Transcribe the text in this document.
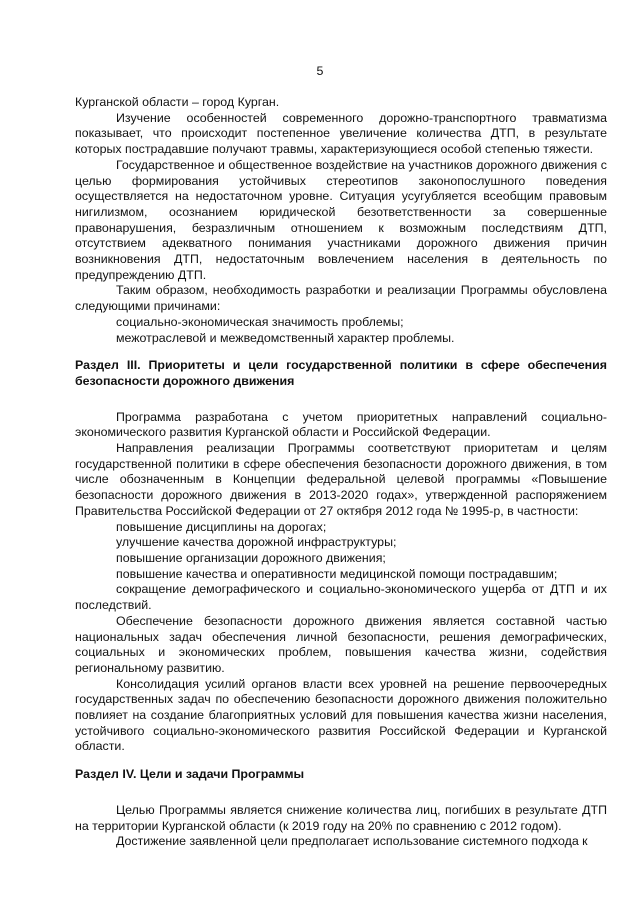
5

Курганской области – город Курган.

Изучение особенностей современного дорожно-транспортного травматизма показывает, что происходит постепенное увеличение количества ДТП, в результате которых пострадавшие получают травмы, характеризующиеся особой степенью тяжести.

Государственное и общественное воздействие на участников дорожного движения с целью формирования устойчивых стереотипов законопослушного поведения осуществляется на недостаточном уровне. Ситуация усугубляется всеобщим правовым нигилизмом, осознанием юридической безответственности за совершенные правонарушения, безразличным отношением к возможным последствиям ДТП, отсутствием адекватного понимания участниками дорожного движения причин возникновения ДТП, недостаточным вовлечением населения в деятельность по предупреждению ДТП.

Таким образом, необходимость разработки и реализации Программы обусловлена следующими причинами:

социально-экономическая значимость проблемы;

межотраслевой и межведомственный характер проблемы.

Раздел III. Приоритеты и цели государственной политики в сфере обеспечения безопасности дорожного движения

Программа разработана с учетом приоритетных направлений социально-экономического развития Курганской области и Российской Федерации.

Направления реализации Программы соответствуют приоритетам и целям государственной политики в сфере обеспечения безопасности дорожного движения, в том числе обозначенным в Концепции федеральной целевой программы «Повышение безопасности дорожного движения в 2013-2020 годах», утвержденной распоряжением Правительства Российской Федерации от 27 октября 2012 года № 1995-р, в частности:

повышение дисциплины на дорогах;

улучшение качества дорожной инфраструктуры;

повышение организации дорожного движения;

повышение качества и оперативности медицинской помощи пострадавшим;

сокращение демографического и социально-экономического ущерба от ДТП и их последствий.

Обеспечение безопасности дорожного движения является составной частью национальных задач обеспечения личной безопасности, решения демографических, социальных и экономических проблем, повышения качества жизни, содействия региональному развитию.

Консолидация усилий органов власти всех уровней на решение первоочередных государственных задач по обеспечению безопасности дорожного движения положительно повлияет на создание благоприятных условий для повышения качества жизни населения, устойчивого социально-экономического развития Российской Федерации и Курганской области.

Раздел IV. Цели и задачи Программы

Целью Программы является снижение количества лиц, погибших в результате ДТП на территории Курганской области (к 2019 году на 20% по сравнению с 2012 годом).

Достижение заявленной цели предполагает использование системного подхода к
